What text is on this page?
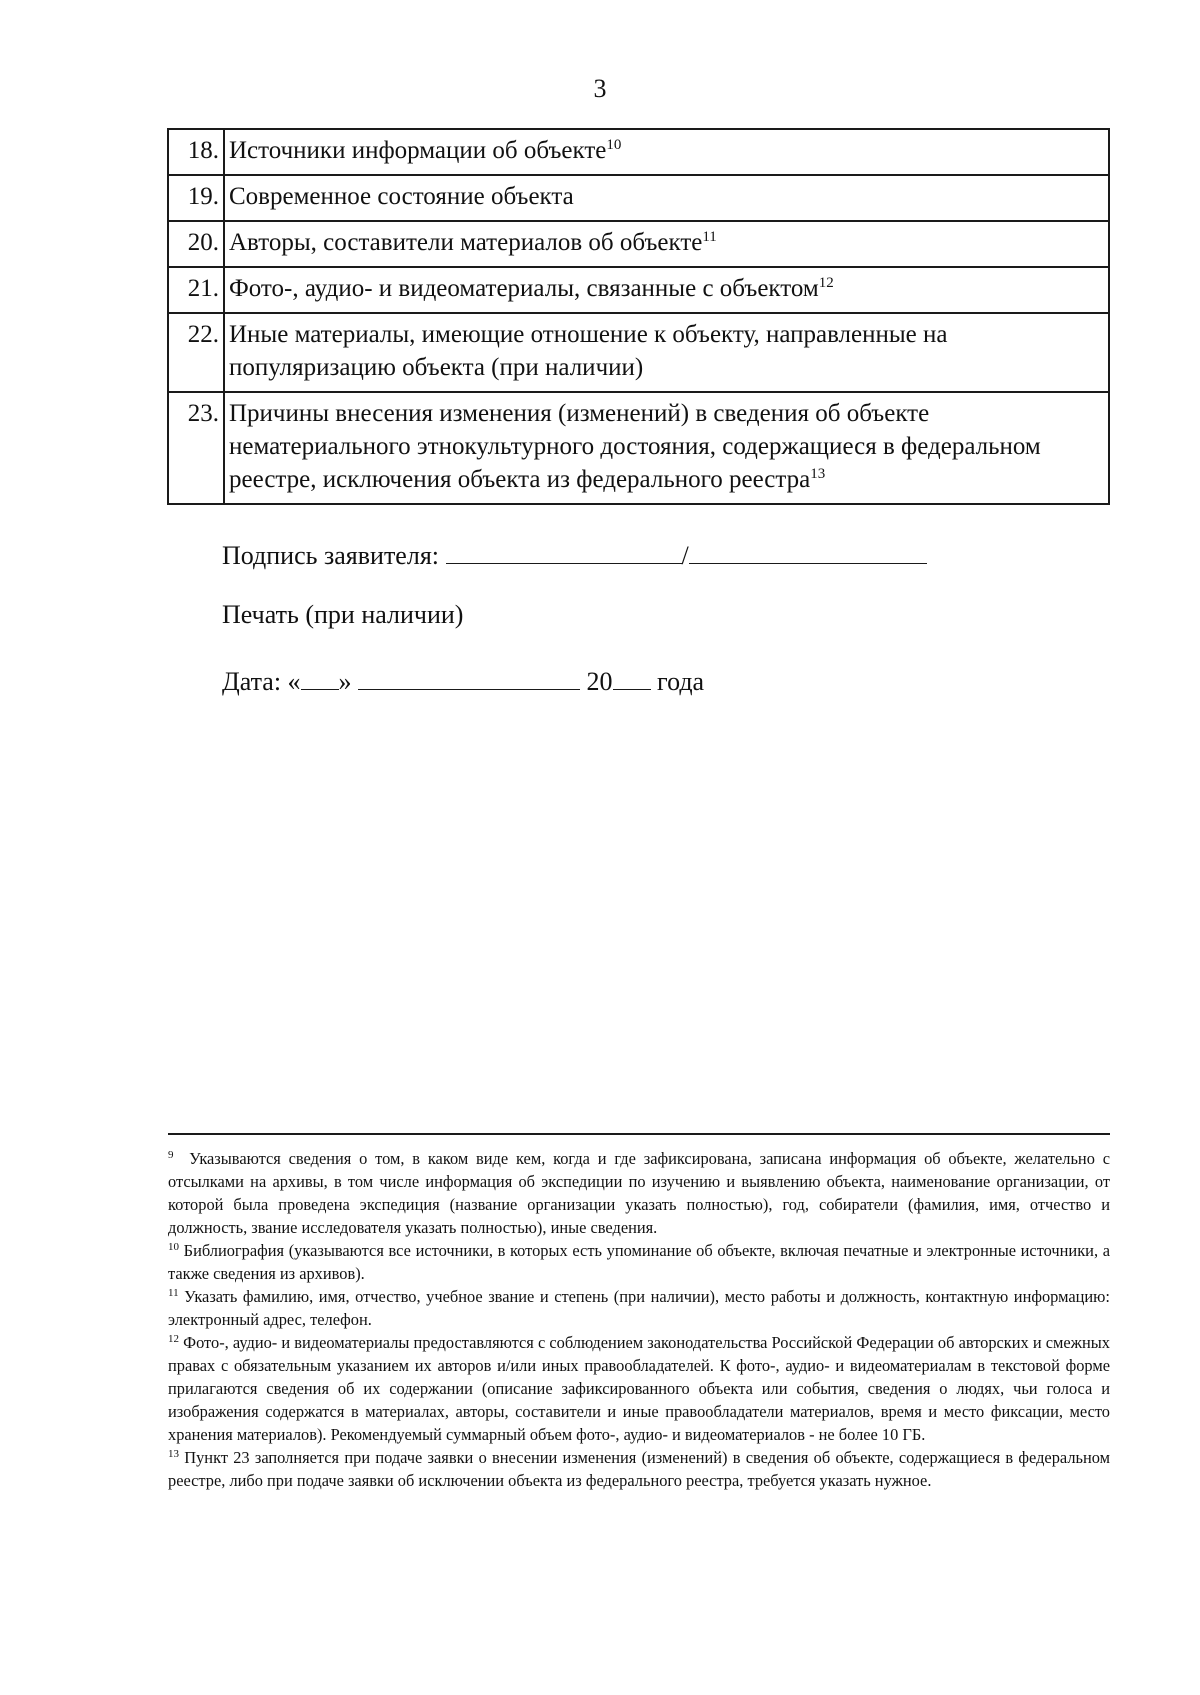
3
18.	Источники информации об объекте$^{10}$
19.	Современное состояние объекта
20.	Авторы, составители материалов об объекте$^{11}$
21.	Фото-, аудио- и видеоматериалы, связанные с объектом$^{12}$
22.	Иные материалы, имеющие отношение к объекту, направленные на популяризацию объекта (при наличии)
23.	Причины внесения изменения (изменений) в сведения об объекте нематериального этнокультурного достояния, содержащиеся в федеральном реестре, исключения объекта из федерального реестра$^{13}$
Подпись заявителя:	/
Печать (при наличии)
Дата: « »	20 года

$^9$ Указываются сведения о том, в каком виде кем, когда и где зафиксирована, записана информация об объекте, желательно с отсылками на архивы, в том числе информация об экспедиции по изучению и выявлению объекта, наименование организации, от которой была проведена экспедиция (название организации указать полностью), год, собиратели (фамилия, имя, отчество и должность, звание исследователя указать полностью), иные сведения.

$^{10}$ Библиография (указываются все источники, в которых есть упоминание об объекте, включая печатные и электронные источники, а также сведения из архивов).

$^{11}$ Указать фамилию, имя, отчество, учебное звание и степень (при наличии), место работы и должность, контактную информацию: электронный адрес, телефон.

$^{12}$ Фото-, аудио- и видеоматериалы предоставляются с соблюдением законодательства Российской Федерации об авторских и смежных правах с обязательным указанием их авторов и/или иных правообладателей. К фото-, аудио- и видеоматериалам в текстовой форме прилагаются сведения об их содержании (описание зафиксированного объекта или события, сведения о людях, чьи голоса и изображения содержатся в материалах, авторы, составители и иные правообладатели материалов, время и место фиксации, место хранения материалов). Рекомендуемый суммарный объем фото-, аудио- и видеоматериалов - не более 10 ГБ.

$^{13}$ Пункт 23 заполняется при подаче заявки о внесении изменения (изменений) в сведения об объекте, содержащиеся в федеральном реестре, либо при подаче заявки об исключении объекта из федерального реестра, требуется указать нужное.
